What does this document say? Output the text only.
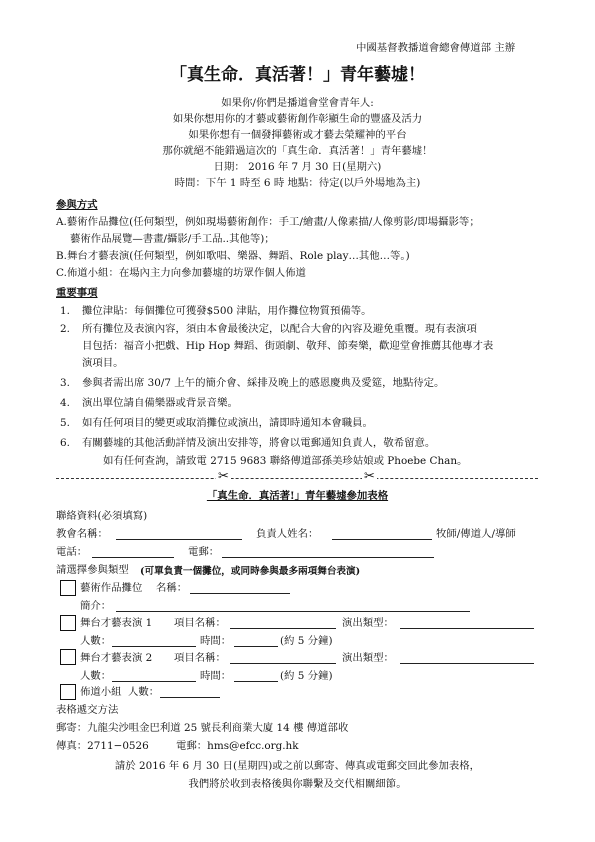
中國基督教播道會總會傳道部 主辦
「真生命．真活著！」青年藝墟！
如果你/你們是播道會堂會青年人:
如果你想用你的才藝或藝術創作彰顯生命的豐盛及活力
如果你想有一個發揮藝術或才藝去榮耀神的平台
那你就絕不能錯過這次的「真生命．真活著！」青年藝墟！
日期： 2016 年 7 月 30 日(星期六)
時間：下午 1 時至 6 時 地點：待定(以戶外場地為主)
參與方式
A.藝術作品攤位(任何類型，例如現場藝術創作：手工/繪畫/人像素描/人像剪影/即場攝影等；
藝術作品展覽—書畫/攝影/手工品..其他等)；
B.舞台才藝表演(任何類型，例如歌唱、樂器、舞蹈、Role play…其他…等。)
C.佈道小組：在場內主力向參加藝墟的坊眾作個人佈道
重要事項
1. 攤位津貼：每個攤位可獲發$500 津貼，用作攤位物質預備等。
2. 所有攤位及表演內容，須由本會最後決定，以配合大會的內容及避免重覆。現有表演項
目包括：福音小把戲、Hip Hop 舞蹈、街頭劇、敬拜、節奏樂，歡迎堂會推薦其他專才表
演項目。
3. 參與者需出席 30/7 上午的簡介會、綵排及晚上的感恩慶典及愛筵，地點待定。
4. 演出單位請自備樂器或背景音樂。
5. 如有任何項目的變更或取消攤位或演出，請即時通知本會職員。
6. 有關藝墟的其他活動詳情及演出安排等，將會以電郵通知負責人，敬希留意。
如有任何查詢，請致電 2715 9683 聯絡傳道部孫美珍姑娘或 Phoebe Chan。
✂	✂
「真生命．真活著!」青年藝墟參加表格
聯絡資料(必須填寫)
教會名稱：	負責人姓名：	牧師/傳道人/導師
電話：	電郵：
請選擇參與類型 (可單負責一個攤位，或同時參與最多兩項舞台表演)
藝術作品攤位 名稱：
簡介：
舞台才藝表演 1 項目名稱：	演出類型：
人數：	時間：	(約 5 分鐘)
舞台才藝表演 2 項目名稱：	演出類型：
人數：	時間：	(約 5 分鐘)
佈道小組 人數：
表格遞交方法
郵寄：九龍尖沙咀金巴利道 25 號長利商業大廈 14 樓 傳道部收
傳真：2711−0526	電郵：hms@efcc.org.hk
請於 2016 年 6 月 30 日(星期四)或之前以郵寄、傳真或電郵交回此參加表格，
我們將於收到表格後與你聯繫及交代相關細節。
